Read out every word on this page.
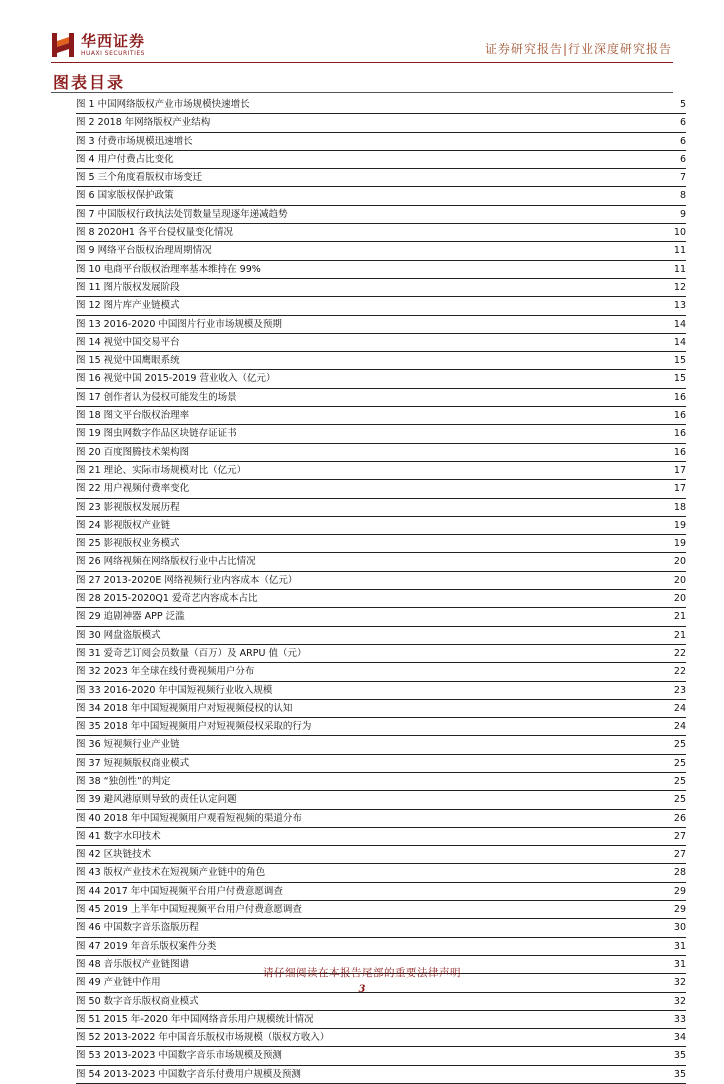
华西证券
HUAXI SECURITIES	证券研究报告|行业深度研究报告
图表目录
图 1 中国网络版权产业市场规模快速增长	5
图 2 2018 年网络版权产业结构	6
图 3 付费市场规模迅速增长	6
图 4 用户付费占比变化	6
图 5 三个角度看版权市场变迁	7
图 6 国家版权保护政策	8
图 7 中国版权行政执法处罚数量呈现逐年递减趋势	9
图 8 2020H1 各平台侵权量变化情况	10
图 9 网络平台版权治理周期情况	11
图 10 电商平台版权治理率基本维持在 99%	11
图 11 图片版权发展阶段	12
图 12 图片库产业链模式	13
图 13 2016-2020 中国图片行业市场规模及预期	14
图 14 视觉中国交易平台	14
图 15 视觉中国鹰眼系统	15
图 16 视觉中国 2015-2019 营业收入（亿元）	15
图 17 创作者认为侵权可能发生的场景	16
图 18 图文平台版权治理率	16
图 19 图虫网数字作品区块链存证证书	16
图 20 百度图腾技术架构图	16
图 21 理论、实际市场规模对比（亿元）	17
图 22 用户视频付费率变化	17
图 23 影视版权发展历程	18
图 24 影视版权产业链	19
图 25 影视版权业务模式	19
图 26 网络视频在网络版权行业中占比情况	20
图 27 2013-2020E 网络视频行业内容成本（亿元）	20
图 28 2015-2020Q1 爱奇艺内容成本占比	20
图 29 追剧神器 APP 泛滥	21
图 30 网盘盗版模式	21
图 31 爱奇艺订阅会员数量（百万）及 ARPU 值（元）	22
图 32 2023 年全球在线付费视频用户分布	22
图 33 2016-2020 年中国短视频行业收入规模	23
图 34 2018 年中国短视频用户对短视频侵权的认知	24
图 35 2018 年中国短视频用户对短视频侵权采取的行为	24
图 36 短视频行业产业链	25
图 37 短视频版权商业模式	25
图 38 “独创性”的判定	25
图 39 避风港原则导致的责任认定问题	25
图 40 2018 年中国短视频用户观看短视频的渠道分布	26
图 41 数字水印技术	27
图 42 区块链技术	27
图 43 版权产业技术在短视频产业链中的角色	28
图 44 2017 年中国短视频平台用户付费意愿调查	29
图 45 2019 上半年中国短视频平台用户付费意愿调查	29
图 46 中国数字音乐盗版历程	30
图 47 2019 年音乐版权案件分类	31
图 48 音乐版权产业链图谱	31
图 49 产业链中作用	32
图 50 数字音乐版权商业模式	32
图 51 2015 年-2020 年中国网络音乐用户规模统计情况	33
图 52 2013-2022 年中国音乐版权市场规模（版权方收入）	34
图 53 2013-2023 中国数字音乐市场规模及预测	35
图 54 2013-2023 中国数字音乐付费用户规模及预测	35
请仔细阅读在本报告尾部的重要法律声明
3
